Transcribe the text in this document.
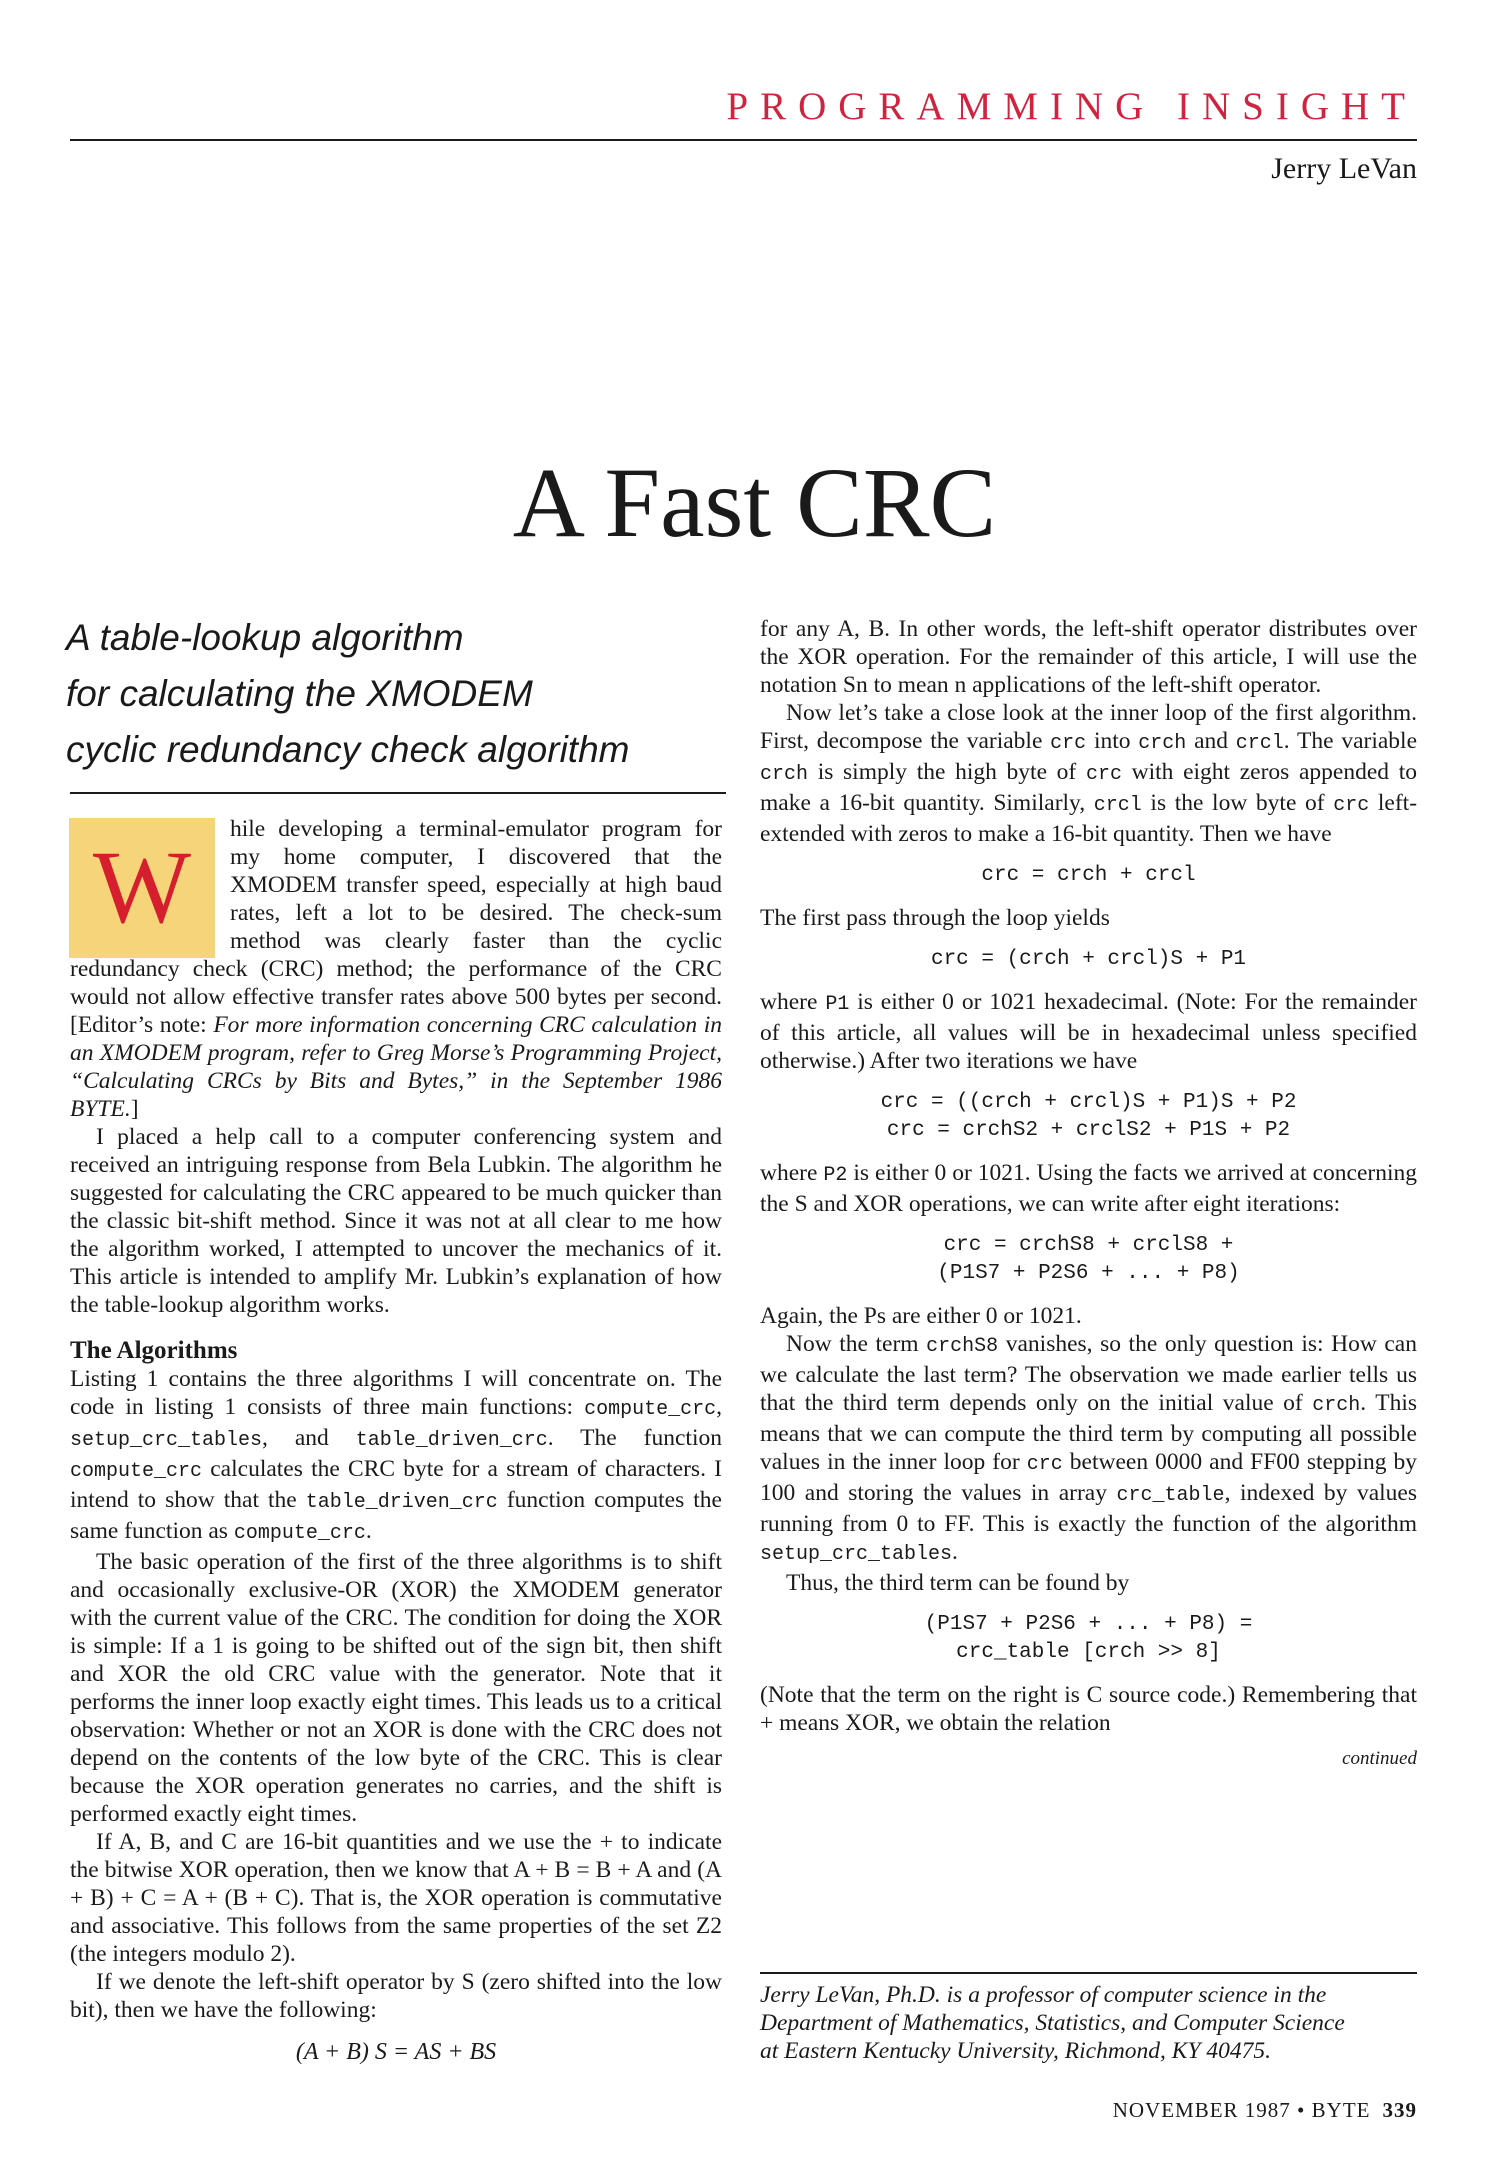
PROGRAMMING INSIGHT
Jerry LeVan
A Fast CRC
A table-lookup algorithm
for calculating the XMODEM
cyclic redundancy check algorithm
W

hile developing a terminal-emulator program for my home computer, I discovered that the XMODEM transfer speed, especially at high baud rates, left a lot to be desired. The check-sum method was clearly faster than the cyclic redundancy check (CRC) method; the performance of the CRC would not allow effective transfer rates above 500 bytes per second. [Editor’s note: For more information concerning CRC calculation in an XMODEM program, refer to Greg Morse’s Programming Project, “Calculating CRCs by Bits and Bytes,” in the September 1986 BYTE.]

I placed a help call to a computer conferencing system and received an intriguing response from Bela Lubkin. The algorithm he suggested for calculating the CRC appeared to be much quicker than the classic bit-shift method. Since it was not at all clear to me how the algorithm worked, I attempted to uncover the mechanics of it. This article is intended to amplify Mr. Lubkin’s explanation of how the table-lookup algorithm works.

The Algorithms

Listing 1 contains the three algorithms I will concentrate on. The code in listing 1 consists of three main functions: compute_crc, setup_crc_tables, and table_driven_crc. The function compute_crc calculates the CRC byte for a stream of characters. I intend to show that the table_driven_crc function computes the same function as compute_crc.

The basic operation of the first of the three algorithms is to shift and occasionally exclusive-OR (XOR) the XMODEM generator with the current value of the CRC. The condition for doing the XOR is simple: If a 1 is going to be shifted out of the sign bit, then shift and XOR the old CRC value with the generator. Note that it performs the inner loop exactly eight times. This leads us to a critical observation: Whether or not an XOR is done with the CRC does not depend on the contents of the low byte of the CRC. This is clear because the XOR operation generates no carries, and the shift is performed exactly eight times.

If A, B, and C are 16-bit quantities and we use the + to indicate the bitwise XOR operation, then we know that A + B = B + A and (A + B) + C = A + (B + C). That is, the XOR operation is commutative and associative. This follows from the same properties of the set Z2 (the integers modulo 2).

If we denote the left-shift operator by S (zero shifted into the low bit), then we have the following:

(A + B) S = AS + BS

for any A, B. In other words, the left-shift operator distributes over the XOR operation. For the remainder of this article, I will use the notation Sn to mean n applications of the left-shift operator.

Now let’s take a close look at the inner loop of the first algorithm. First, decompose the variable crc into crch and crcl. The variable crch is simply the high byte of crc with eight zeros appended to make a 16-bit quantity. Similarly, crcl is the low byte of crc left-extended with zeros to make a 16-bit quantity. Then we have

crc = crch + crcl

The first pass through the loop yields

crc = (crch + crcl)S + P1

where P1 is either 0 or 1021 hexadecimal. (Note: For the remainder of this article, all values will be in hexadecimal unless specified otherwise.) After two iterations we have

crc = ((crch + crcl)S + P1)S + P2
crc = crchS2 + crclS2 + P1S + P2

where P2 is either 0 or 1021. Using the facts we arrived at concerning the S and XOR operations, we can write after eight iterations:

crc = crchS8 + crclS8 +
(P1S7 + P2S6 + ... + P8)

Again, the Ps are either 0 or 1021.

Now the term crchS8 vanishes, so the only question is: How can we calculate the last term? The observation we made earlier tells us that the third term depends only on the initial value of crch. This means that we can compute the third term by computing all possible values in the inner loop for crc between 0000 and FF00 stepping by 100 and storing the values in array crc_table, indexed by values running from 0 to FF. This is exactly the function of the algorithm setup_crc_tables.

Thus, the third term can be found by

(P1S7 + P2S6 + ... + P8) =
crc_table [crch >> 8]

(Note that the term on the right is C source code.) Remembering that + means XOR, we obtain the relation

continued
Jerry LeVan, Ph.D. is a professor of computer science in the
Department of Mathematics, Statistics, and Computer Science
at Eastern Kentucky University, Richmond, KY 40475.
NOVEMBER 1987 • BYTE 339
